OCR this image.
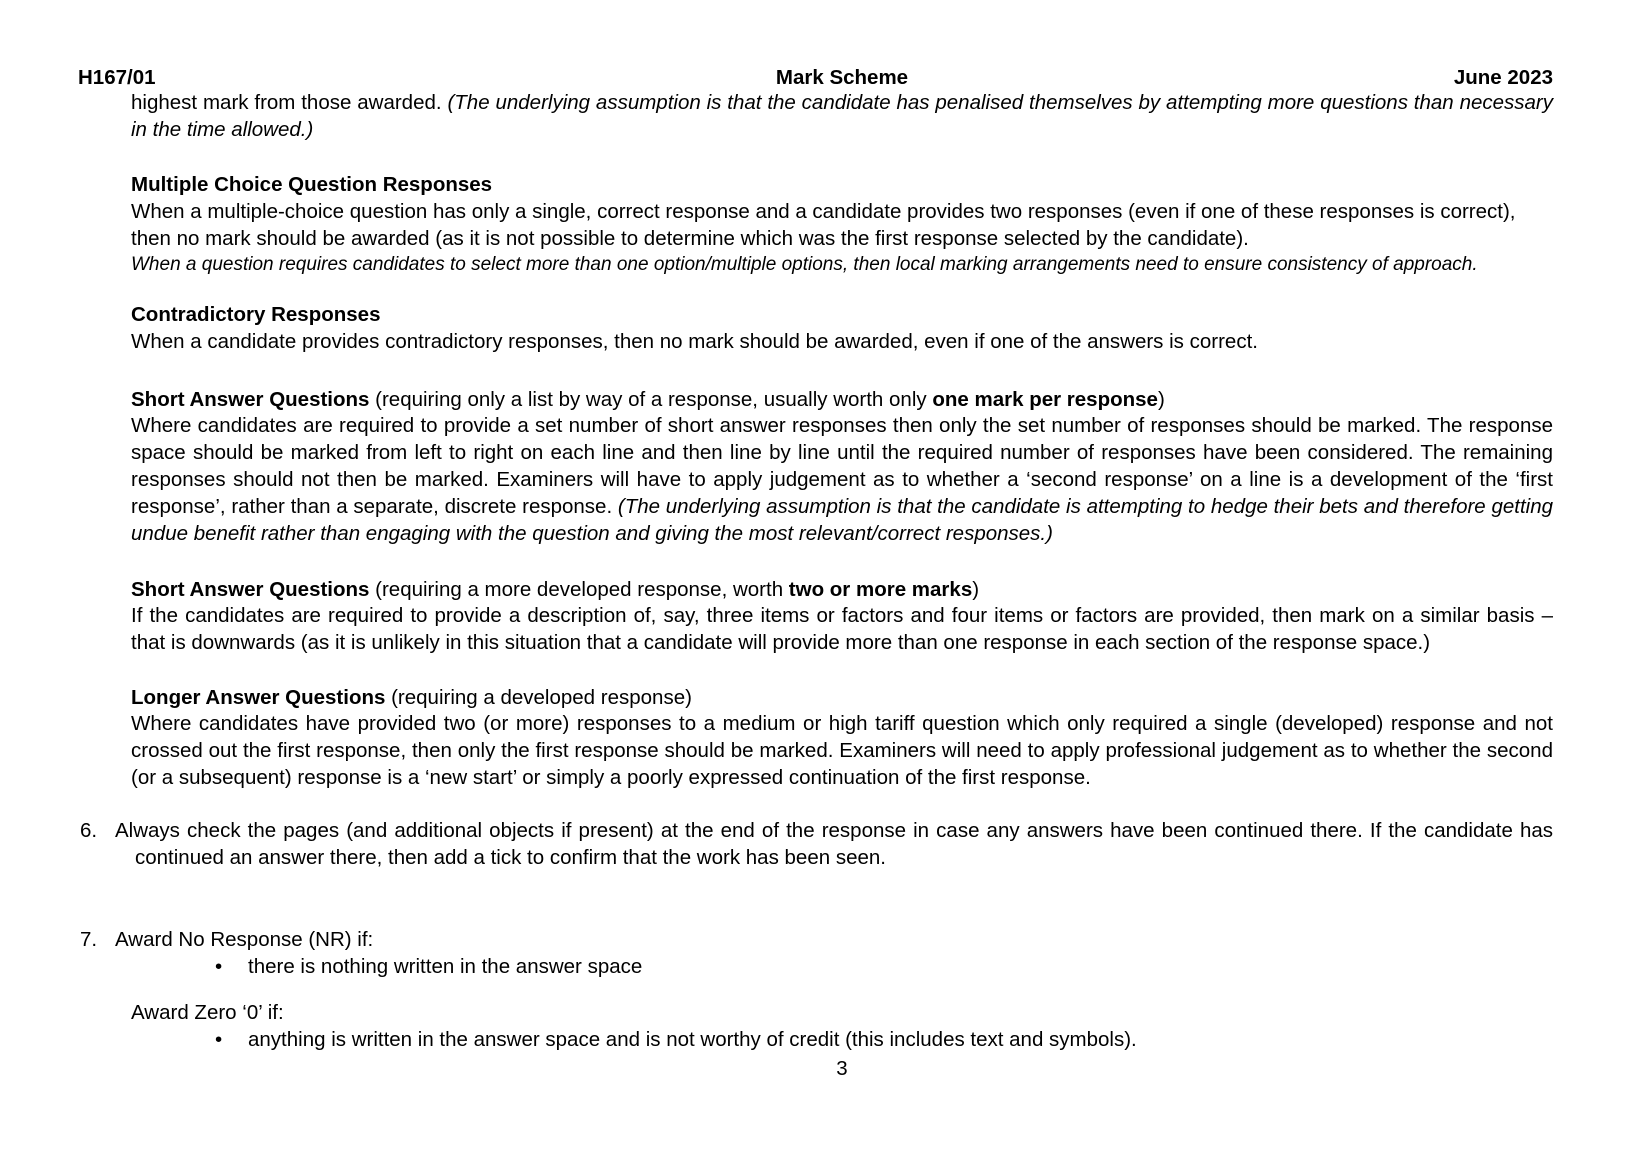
H167/01	Mark Scheme	June 2023

highest mark from those awarded. (The underlying assumption is that the candidate has penalised themselves by attempting more questions than necessary in the time allowed.)

Multiple Choice Question Responses

When a multiple-choice question has only a single, correct response and a candidate provides two responses (even if one of these responses is correct), then no mark should be awarded (as it is not possible to determine which was the first response selected by the candidate).

When a question requires candidates to select more than one option/multiple options, then local marking arrangements need to ensure consistency of approach.
Contradictory Responses

When a candidate provides contradictory responses, then no mark should be awarded, even if one of the answers is correct.

Short Answer Questions (requiring only a list by way of a response, usually worth only one mark per response)

Where candidates are required to provide a set number of short answer responses then only the set number of responses should be marked. The response space should be marked from left to right on each line and then line by line until the required number of responses have been considered. The remaining responses should not then be marked. Examiners will have to apply judgement as to whether a ‘second response’ on a line is a development of the ‘first response’, rather than a separate, discrete response. (The underlying assumption is that the candidate is attempting to hedge their bets and therefore getting undue benefit rather than engaging with the question and giving the most relevant/correct responses.)

Short Answer Questions (requiring a more developed response, worth two or more marks)

If the candidates are required to provide a description of, say, three items or factors and four items or factors are provided, then mark on a similar basis – that is downwards (as it is unlikely in this situation that a candidate will provide more than one response in each section of the response space.)

Longer Answer Questions (requiring a developed response)

Where candidates have provided two (or more) responses to a medium or high tariff question which only required a single (developed) response and not crossed out the first response, then only the first response should be marked. Examiners will need to apply professional judgement as to whether the second (or a subsequent) response is a ‘new start’ or simply a poorly expressed continuation of the first response.

6. Always check the pages (and additional objects if present) at the end of the response in case any answers have been continued there. If the candidate has continued an answer there, then add a tick to confirm that the work has been seen.

7. Award No Response (NR) if:

•	there is nothing written in the answer space
Award Zero ‘0’ if:
•	anything is written in the answer space and is not worthy of credit (this includes text and symbols).
3
